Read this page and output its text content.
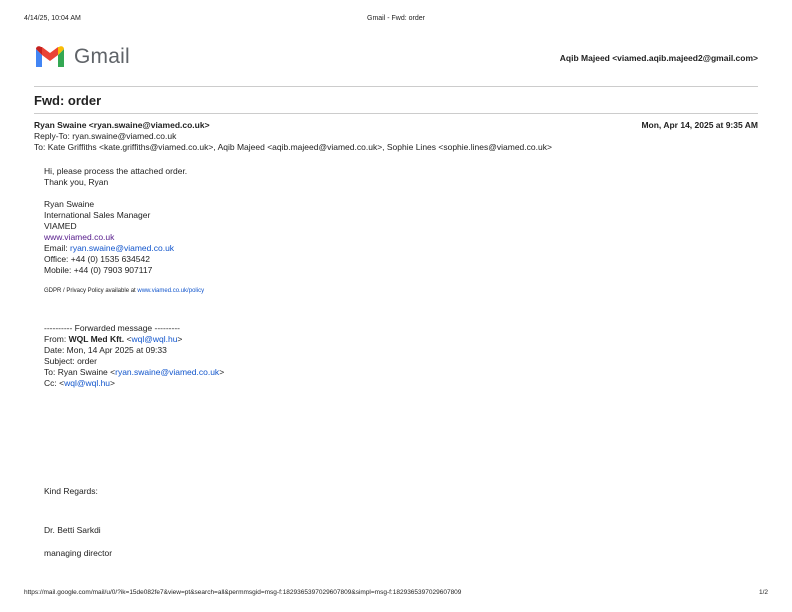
4/14/25, 10:04 AM	Gmail - Fwd: order
Gmail	Aqib Majeed <viamed.aqib.majeed2@gmail.com>
Fwd: order
Ryan Swaine <ryan.swaine@viamed.co.uk>	Mon, Apr 14, 2025 at 9:35 AM
Reply-To: ryan.swaine@viamed.co.uk
To: Kate Griffiths <kate.griffiths@viamed.co.uk>, Aqib Majeed <aqib.majeed@viamed.co.uk>, Sophie Lines <sophie.lines@viamed.co.uk>
Hi, please process the attached order.
Thank you, Ryan
Ryan Swaine
International Sales Manager
VIAMED
www.viamed.co.uk
Email: ryan.swaine@viamed.co.uk
Office: +44 (0) 1535 634542
Mobile: +44 (0) 7903 907117
GDPR / Privacy Policy available at www.viamed.co.uk/policy
---------- Forwarded message ---------
From: WQL Med Kft. <wql@wql.hu>
Date: Mon, 14 Apr 2025 at 09:33
Subject: order
To: Ryan Swaine <ryan.swaine@viamed.co.uk>
Cc: <wql@wql.hu>
Kind Regards:
Dr. Betti Sarkdi
managing director
https://mail.google.com/mail/u/0/?ik=15de082fe7&view=pt&search=all&permmsgid=msg-f:1829365397029607809&simpl=msg-f:1829365397029607809	1/2
